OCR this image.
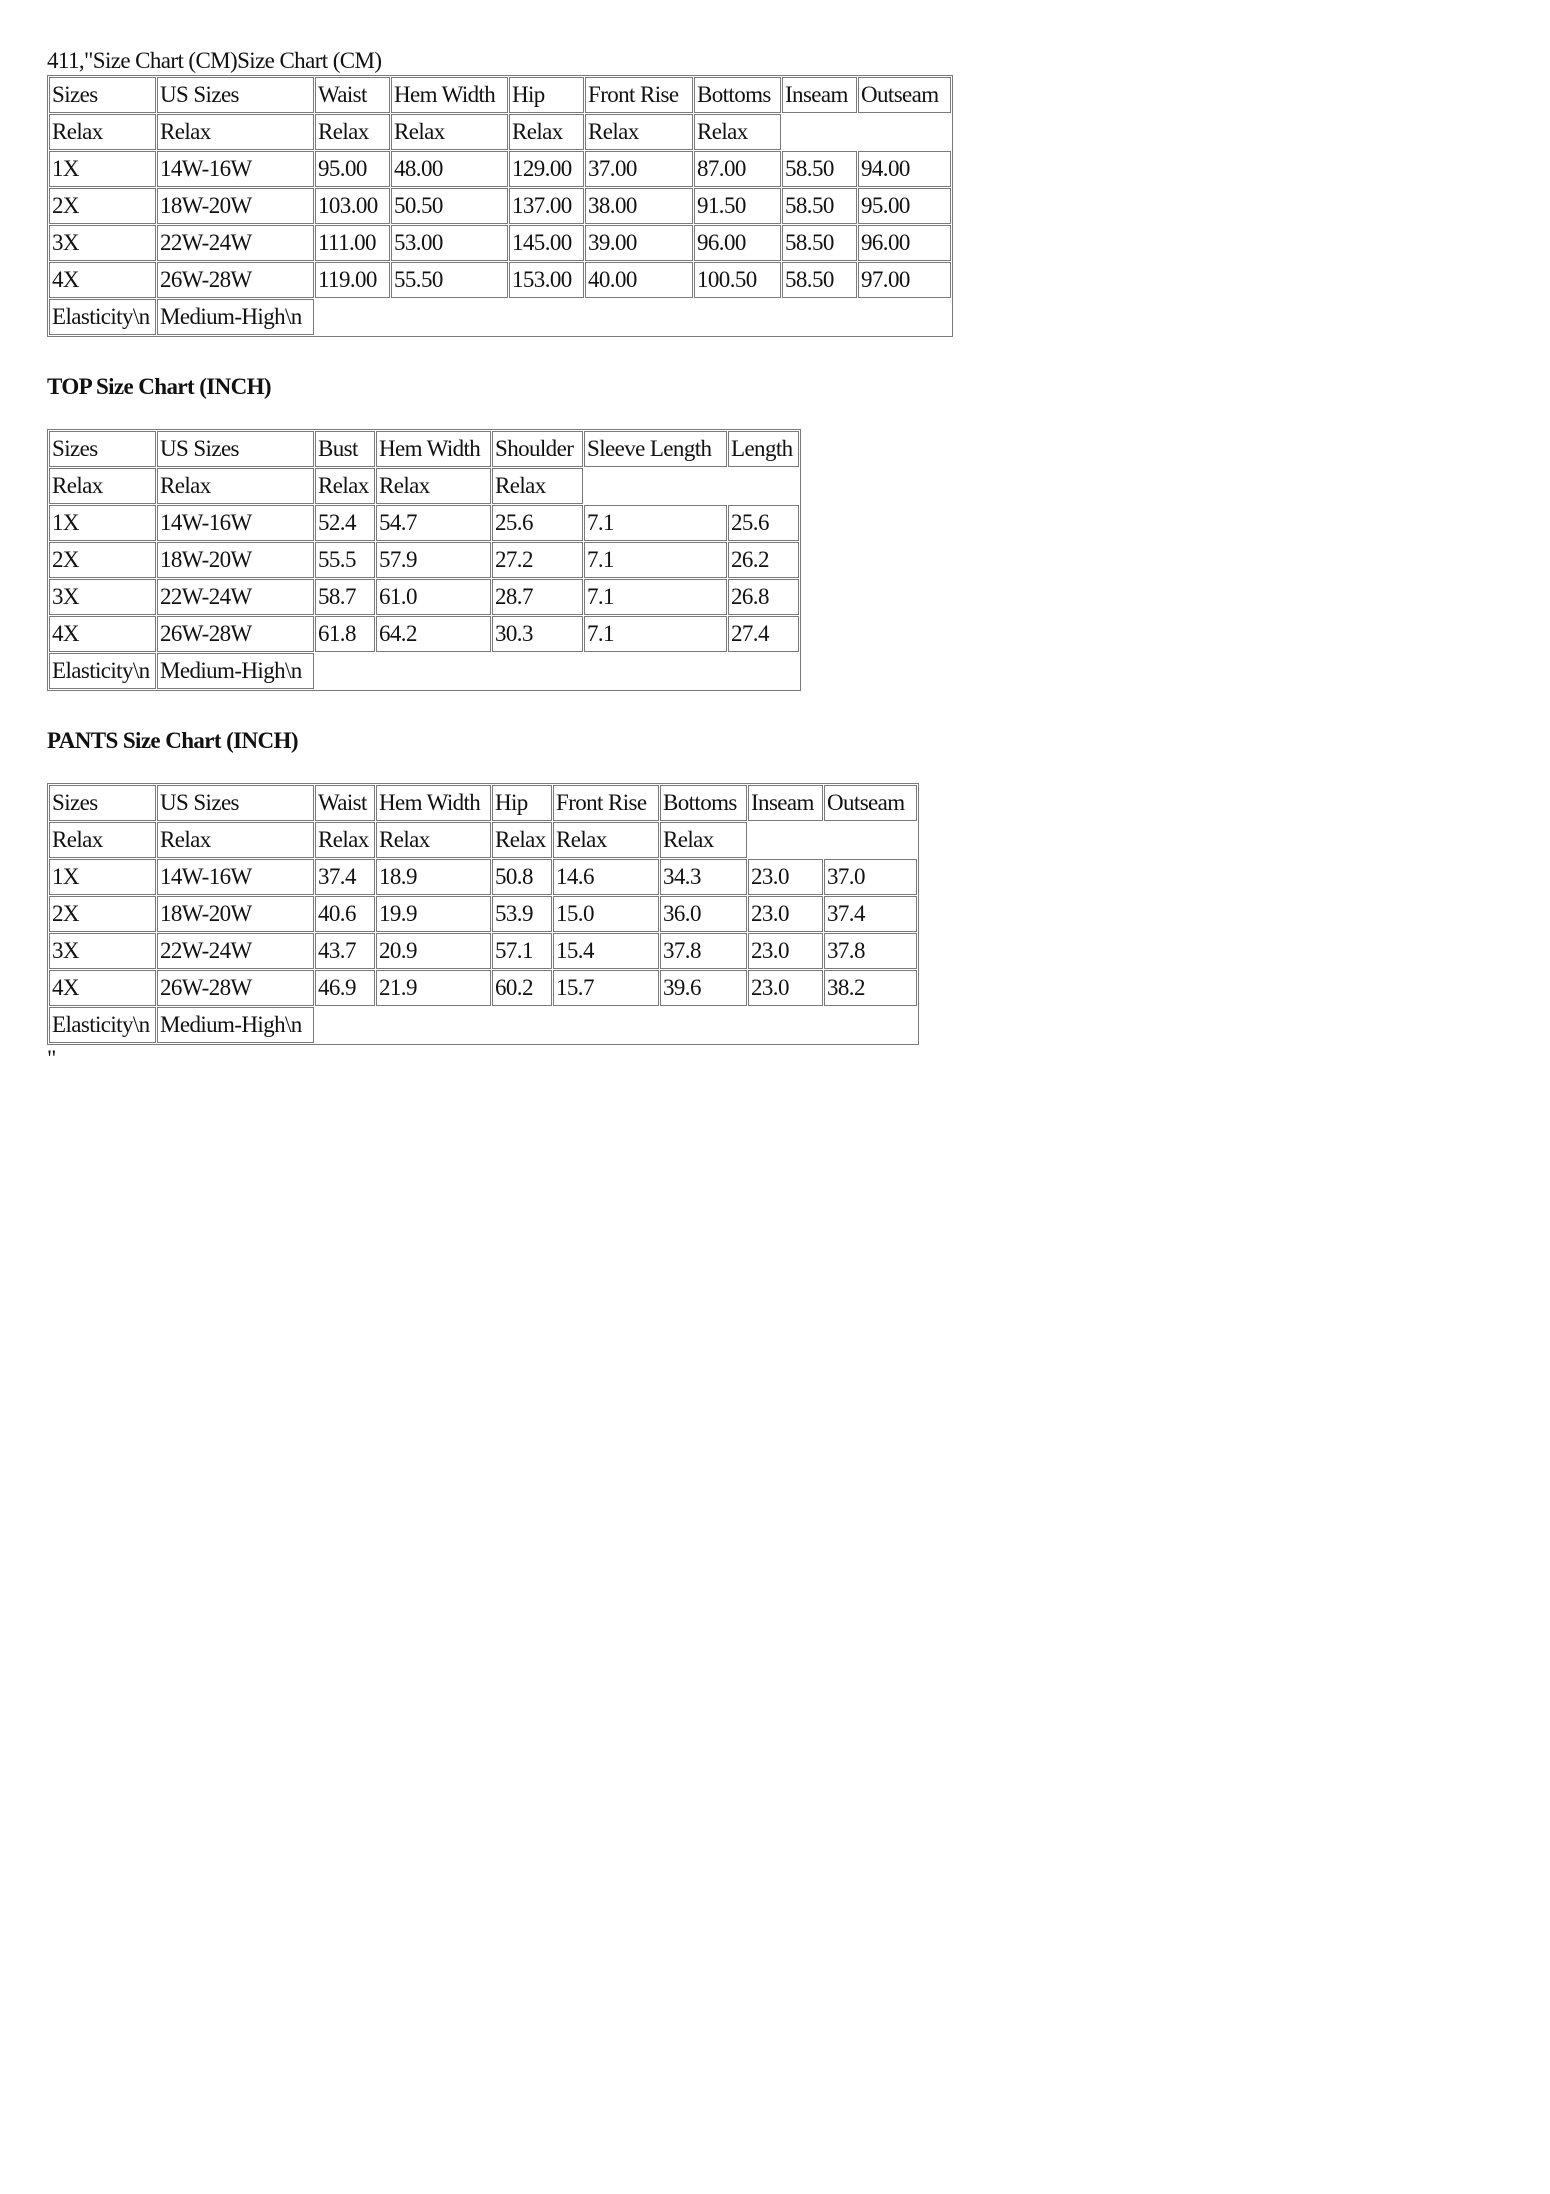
411,"Size Chart (CM)Size Chart (CM)
Sizes	US Sizes	Waist	Hem Width	Hip	Front Rise	Bottoms	Inseam	Outseam
Relax	Relax	Relax	Relax	Relax	Relax	Relax		
1X	14W-16W	95.00	48.00	129.00	37.00	87.00	58.50	94.00
2X	18W-20W	103.00	50.50	137.00	38.00	91.50	58.50	95.00
3X	22W-24W	111.00	53.00	145.00	39.00	96.00	58.50	96.00
4X	26W-28W	119.00	55.50	153.00	40.00	100.50	58.50	97.00
Elasticity\n	Medium-High\n							
TOP Size Chart (INCH)
Sizes	US Sizes	Bust	Hem Width	Shoulder	Sleeve Length	Length
Relax	Relax	Relax	Relax	Relax		
1X	14W-16W	52.4	54.7	25.6	7.1	25.6
2X	18W-20W	55.5	57.9	27.2	7.1	26.2
3X	22W-24W	58.7	61.0	28.7	7.1	26.8
4X	26W-28W	61.8	64.2	30.3	7.1	27.4
Elasticity\n	Medium-High\n					
PANTS Size Chart (INCH)
Sizes	US Sizes	Waist	Hem Width	Hip	Front Rise	Bottoms	Inseam	Outseam
Relax	Relax	Relax	Relax	Relax	Relax	Relax		
1X	14W-16W	37.4	18.9	50.8	14.6	34.3	23.0	37.0
2X	18W-20W	40.6	19.9	53.9	15.0	36.0	23.0	37.4
3X	22W-24W	43.7	20.9	57.1	15.4	37.8	23.0	37.8
4X	26W-28W	46.9	21.9	60.2	15.7	39.6	23.0	38.2
Elasticity\n	Medium-High\n							
"
